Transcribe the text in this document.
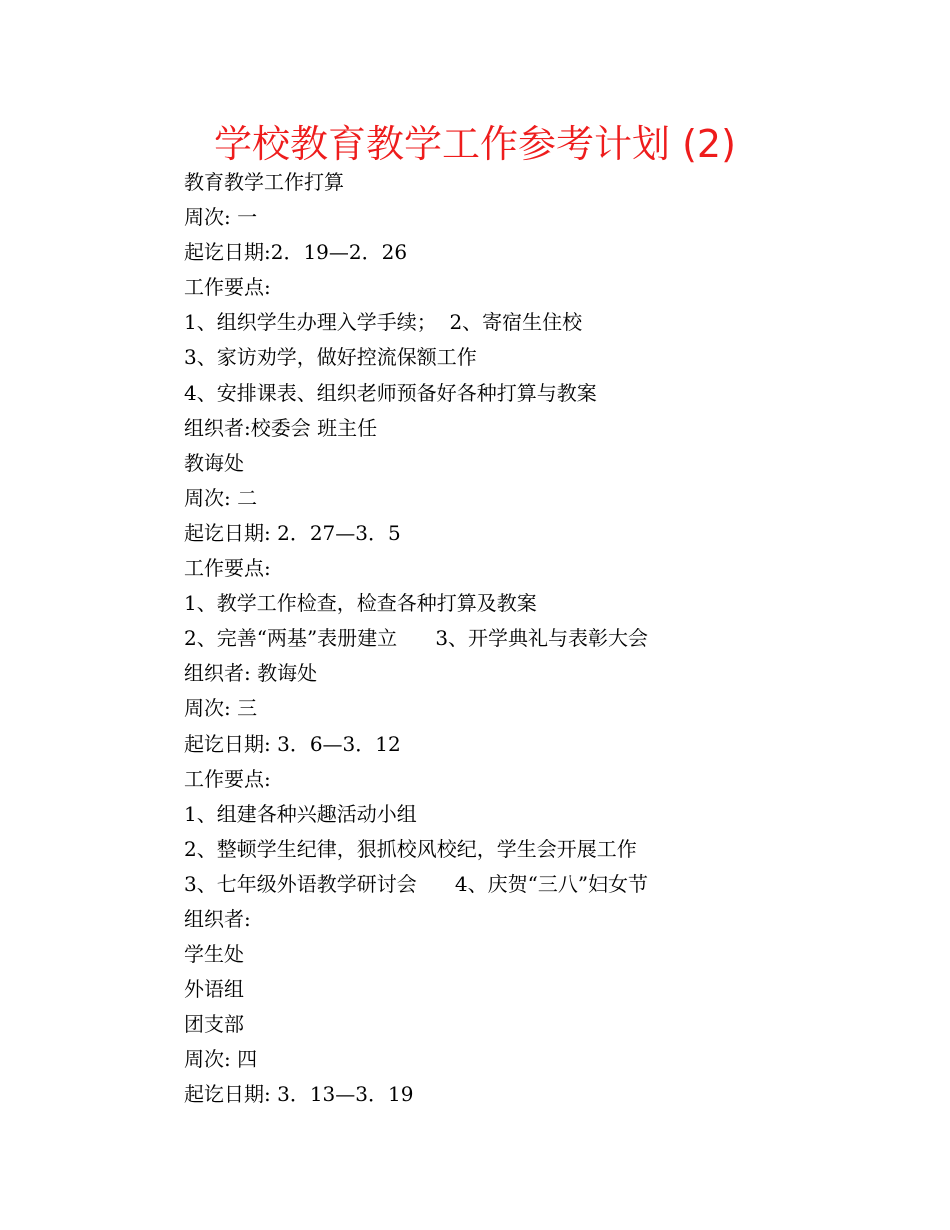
学校教育教学工作参考计划 (2)
教育教学工作打算
周次: 一
起讫日期:2．19—2．26
工作要点:
1、组织学生办理入学手续；  2、寄宿生住校
3、家访劝学，做好控流保额工作
4、安排课表、组织老师预备好各种打算与教案
组织者:校委会 班主任
教诲处
周次: 二
起讫日期: 2．27—3．5
工作要点:
1、教学工作检查，检查各种打算及教案
2、完善“两基”表册建立      3、开学典礼与表彰大会
组织者: 教诲处
周次: 三
起讫日期: 3．6—3．12
工作要点:
1、组建各种兴趣活动小组
2、整顿学生纪律，狠抓校风校纪，学生会开展工作
3、七年级外语教学研讨会      4、庆贺“三八”妇女节
组织者:
学生处
外语组
团支部
周次: 四
起讫日期: 3．13—3．19
